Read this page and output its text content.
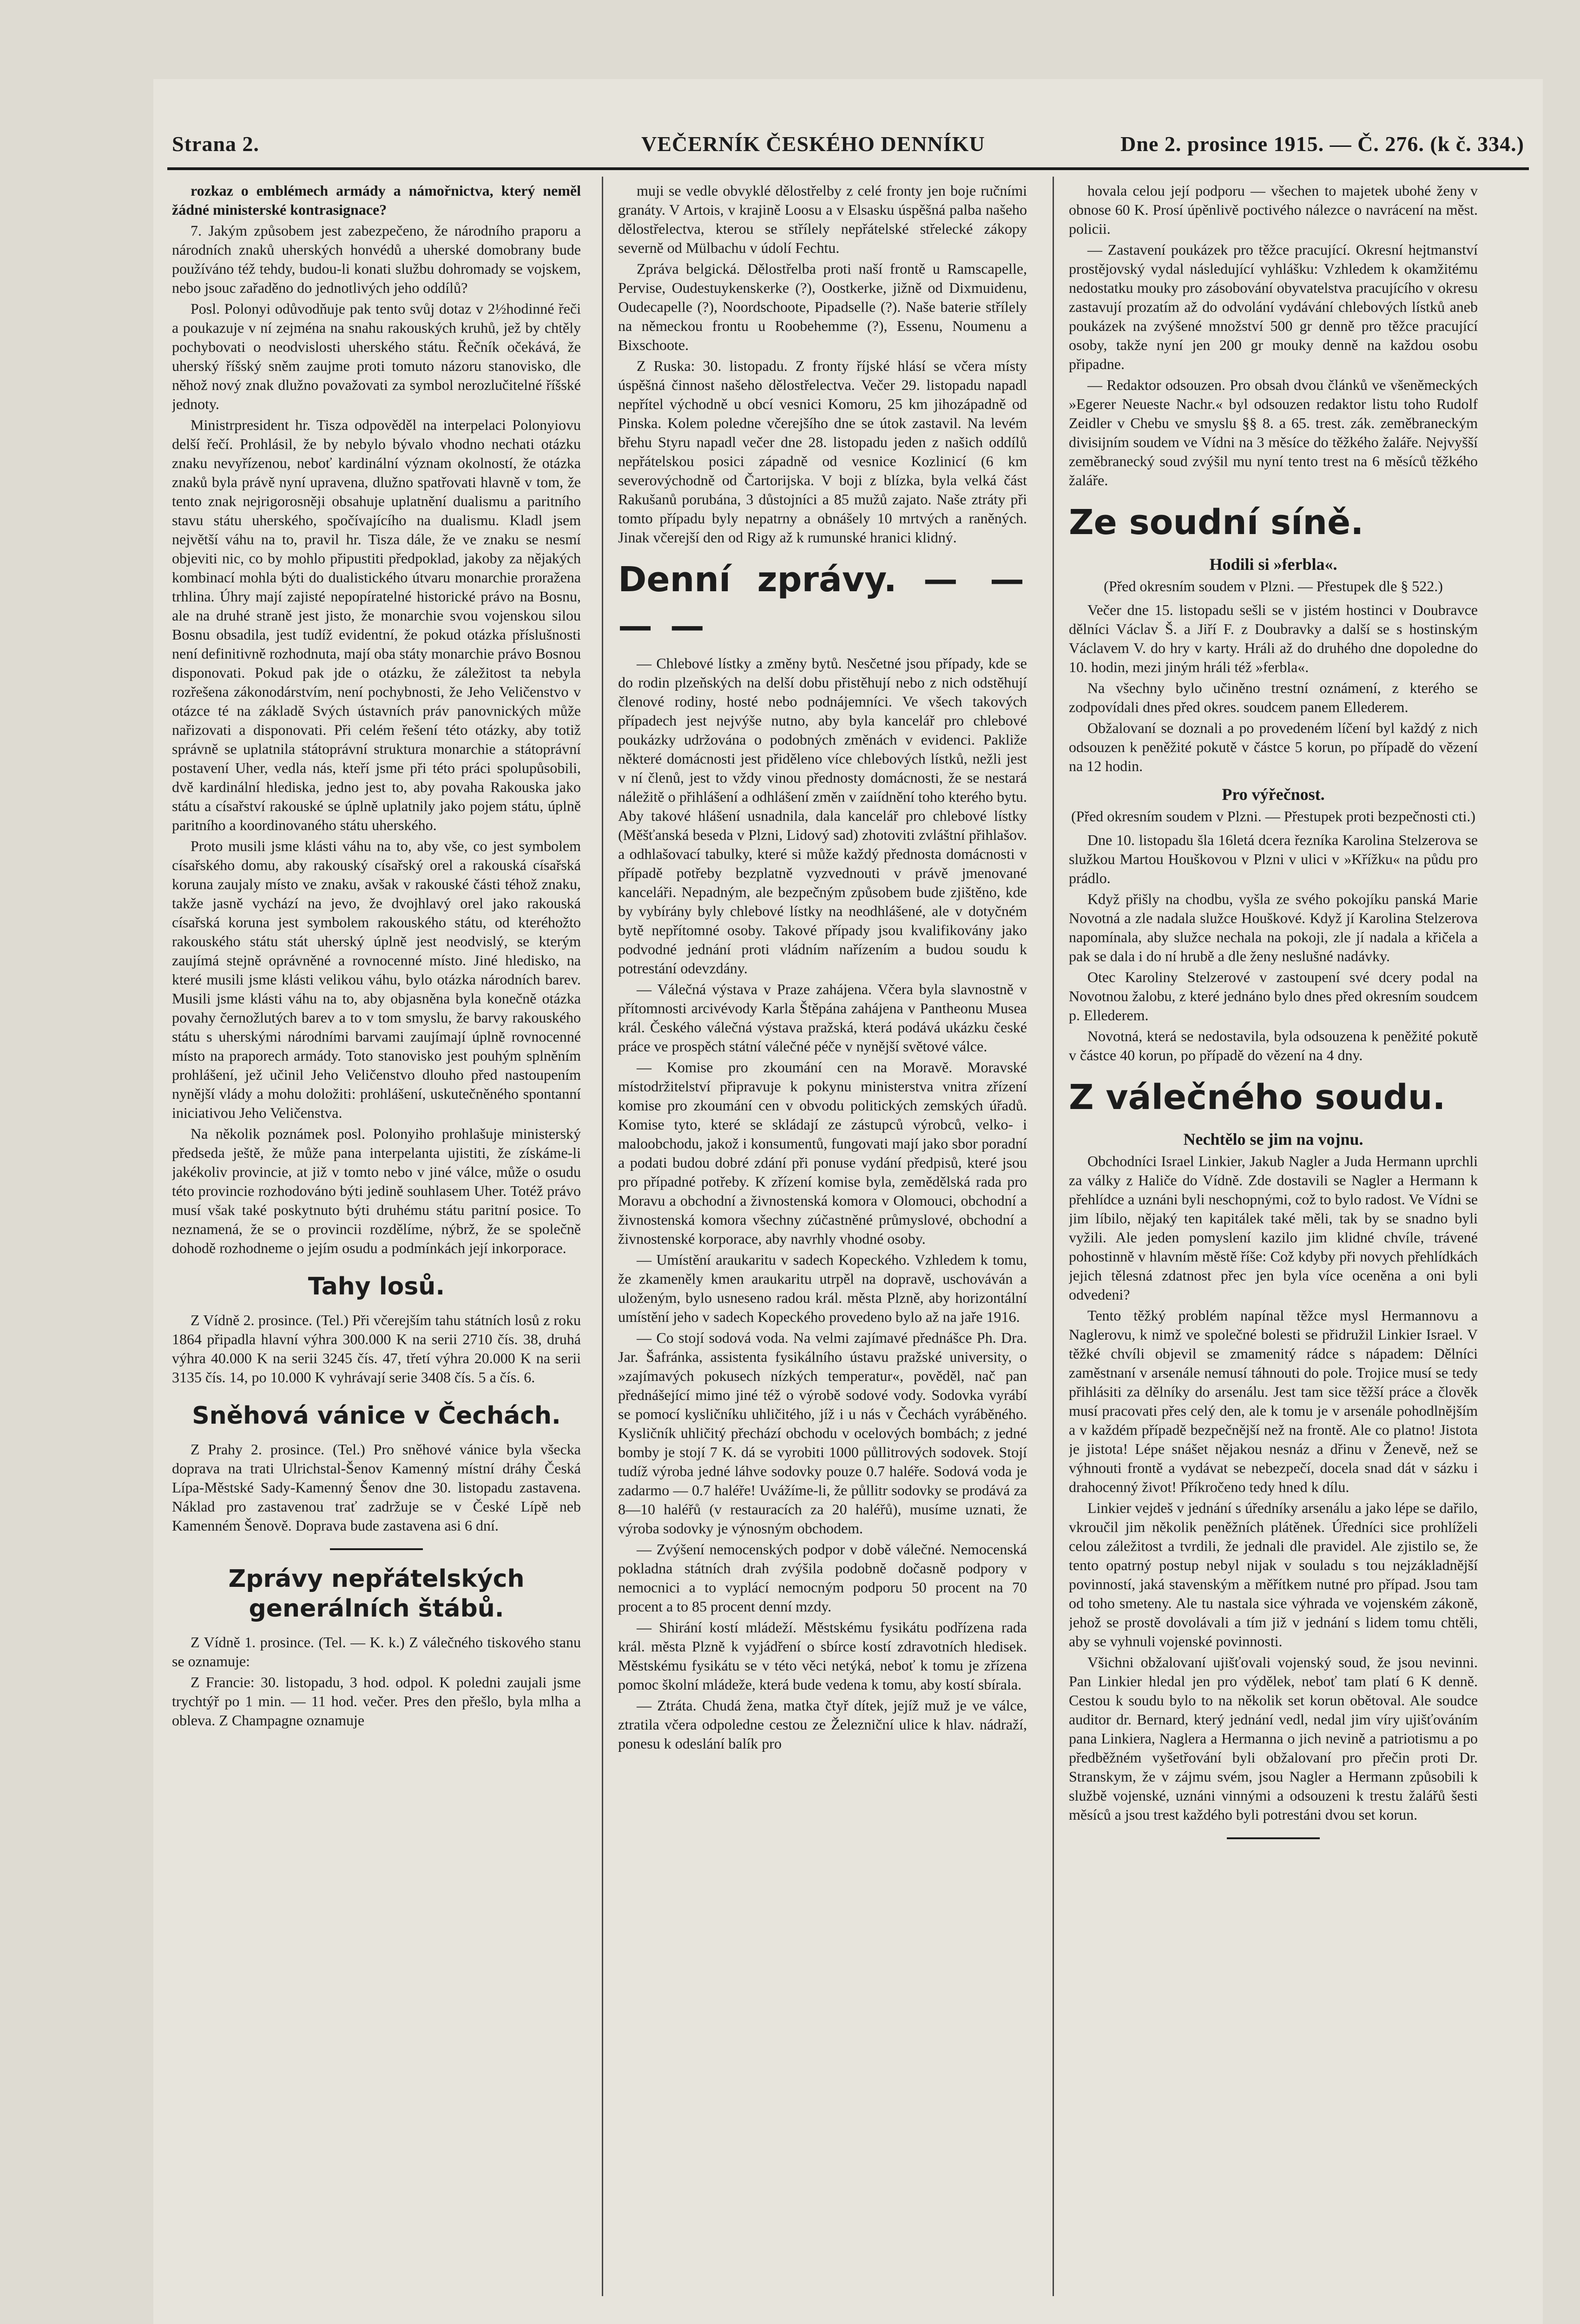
Strana 2.	VEČERNÍK ČESKÉHO DENNÍKU	Dne 2. prosince 1915. — Č. 276. (k č. 334.)

rozkaz o emblémech armády a námořnictva, který neměl žádné ministerské kontrasignace?

7. Jakým způsobem jest zabezpečeno, že národního praporu a národních znaků uherských honvédů a uherské domobrany bude používáno též tehdy, budou-li konati službu dohromady se vojskem, nebo jsouc zařaděno do jednotlivých jeho oddílů?

Posl. Polonyi odůvodňuje pak tento svůj dotaz v 2½hodinné řeči a poukazuje v ní zejména na snahu rakouských kruhů, jež by chtěly pochybovati o neodvislosti uherského státu. Řečník očekává, že uherský říšský sněm zaujme proti tomuto názoru stanovisko, dle něhož nový znak dlužno považovati za symbol nerozlučitelné říšské jednoty.

Ministrpresident hr. Tisza odpověděl na interpelaci Polonyiovu delší řečí. Prohlásil, že by nebylo bývalo vhodno nechati otázku znaku nevyřízenou, neboť kardinální význam okolností, že otázka znaků byla právě nyní upravena, dlužno spatřovati hlavně v tom, že tento znak nejrigorosněji obsahuje uplatnění dualismu a paritního stavu státu uherského, spočívajícího na dualismu. Kladl jsem největší váhu na to, pravil hr. Tisza dále, že ve znaku se nesmí objeviti nic, co by mohlo připustiti předpoklad, jakoby za nějakých kombinací mohla býti do dualistického útvaru monarchie proražena trhlina. Úhry mají zajisté nepopíratelné historické právo na Bosnu, ale na druhé straně jest jisto, že monarchie svou vojenskou silou Bosnu obsadila, jest tudíž evidentní, že pokud otázka příslušnosti není definitivně rozhodnuta, mají oba státy monarchie právo Bosnou disponovati. Pokud pak jde o otázku, že záležitost ta nebyla rozřešena zákonodárstvím, není pochybnosti, že Jeho Veličenstvo v otázce té na základě Svých ústavních práv panovnických může nařizovati a disponovati. Při celém řešení této otázky, aby totiž správně se uplatnila státoprávní struktura monarchie a státoprávní postavení Uher, vedla nás, kteří jsme při této práci spolupůsobili, dvě kardinální hlediska, jedno jest to, aby povaha Rakouska jako státu a císařství rakouské se úplně uplatnily jako pojem státu, úplně paritního a koordinovaného státu uherského.

Proto musili jsme klásti váhu na to, aby vše, co jest symbolem císařského domu, aby rakouský císařský orel a rakouská císařská koruna zaujaly místo ve znaku, avšak v rakouské části téhož znaku, takže jasně vychází na jevo, že dvojhlavý orel jako rakouská císařská koruna jest symbolem rakouského státu, od kteréhožto rakouského státu stát uherský úplně jest neodvislý, se kterým zaujímá stejně oprávněné a rovnocenné místo. Jiné hledisko, na které musili jsme klásti velikou váhu, bylo otázka národních barev. Musili jsme klásti váhu na to, aby objasněna byla konečně otázka povahy černožlutých barev a to v tom smyslu, že barvy rakouského státu s uherskými národními barvami zaujímají úplně rovnocenné místo na praporech armády. Toto stanovisko jest pouhým splněním prohlášení, jež učinil Jeho Veličenstvo dlouho před nastoupením nynější vlády a mohu doložiti: prohlášení, uskutečněného spontanní iniciativou Jeho Veličenstva.

Na několik poznámek posl. Polonyiho prohlašuje ministerský předseda ještě, že může pana interpelanta ujistiti, že získáme-li jakékoliv provincie, at již v tomto nebo v jiné válce, může o osudu této provincie rozhodováno býti jedině souhlasem Uher. Totéž právo musí však také poskytnuto býti druhému státu paritní posice. To neznamená, že se o provincii rozdělíme, nýbrž, že se společně dohodě rozhodneme o jejím osudu a podmínkách její inkorporace.

Tahy losů.

Z Vídně 2. prosince. (Tel.) Při včerejším tahu státních losů z roku 1864 připadla hlavní výhra 300.000 K na serii 2710 čís. 38, druhá výhra 40.000 K na serii 3245 čís. 47, třetí výhra 20.000 K na serii 3135 čís. 14, po 10.000 K vyhrávají serie 3408 čís. 5 a čís. 6.

Sněhová vánice v Čechách.

Z Prahy 2. prosince. (Tel.) Pro sněhové vánice byla všecka doprava na trati Ulrichstal-Šenov Kamenný místní dráhy Česká Lípa-Městské Sady-Kamenný Šenov dne 30. listopadu zastavena. Náklad pro zastavenou trať zadržuje se v České Lípě neb Kamenném Šenově. Doprava bude zastavena asi 6 dní.

Zprávy nepřátelských generálních štábů.

Z Vídně 1. prosince. (Tel. — K. k.) Z válečného tiskového stanu se oznamuje:

Z Francie: 30. listopadu, 3 hod. odpol. K poledni zaujali jsme trychtýř po 1 min. — 11 hod. večer. Pres den přešlo, byla mlha a obleva. Z Champagne oznamuje

muji se vedle obvyklé dělostřelby z celé fronty jen boje ručními granáty. V Artois, v krajině Loosu a v Elsasku úspěšná palba našeho dělostřelectva, kterou se střílely nepřátelské střelecké zákopy severně od Mülbachu v údolí Fechtu.

Zpráva belgická. Dělostřelba proti naší frontě u Ramscapelle, Pervise, Oudestuykenskerke (?), Oostkerke, jižně od Dixmuidenu, Oudecapelle (?), Noordschoote, Pipadselle (?). Naše baterie střílely na německou frontu u Roobehemme (?), Essenu, Noumenu a Bixschoote.

Z Ruska: 30. listopadu. Z fronty říjské hlásí se včera místy úspěšná činnost našeho dělostřelectva. Večer 29. listopadu napadl nepřítel východně u obcí vesnici Komoru, 25 km jihozápadně od Pinska. Kolem poledne včerejšího dne se útok zastavil. Na levém břehu Styru napadl večer dne 28. listopadu jeden z našich oddílů nepřátelskou posici západně od vesnice Kozlinicí (6 km severovýchodně od Čartorijska. V boji z blízka, byla velká část Rakušanů porubána, 3 důstojníci a 85 mužů zajato. Naše ztráty při tomto případu byly nepatrny a obnášely 10 mrtvých a raněných. Jinak včerejší den od Rigy až k rumunské hranici klidný.

Denní zprávy. — — — —

— Chlebové lístky a změny bytů. Nesčetné jsou případy, kde se do rodin plzeňských na delší dobu přistěhují nebo z nich odstěhují členové rodiny, hosté nebo podnájemníci. Ve všech takových případech jest nejvýše nutno, aby byla kancelář pro chlebové poukázky udržována o podobných změnách v evidenci. Pakliže některé domácnosti jest přiděleno více chlebových lístků, nežli jest v ní členů, jest to vždy vinou přednosty domácnosti, že se nestará náležitě o přihlášení a odhlášení změn v zaiídnění toho kterého bytu. Aby takové hlášení usnadnila, dala kancelář pro chlebové lístky (Měšťanská beseda v Plzni, Lidový sad) zhotoviti zvláštní přihlašov. a odhlašovací tabulky, které si může každý přednosta domácnosti v případě potřeby bezplatně vyzvednouti v právě jmenované kanceláři. Nepadným, ale bezpečným způsobem bude zjištěno, kde by vybírány byly chlebové lístky na neodhlášené, ale v dotyčném bytě nepřítomné osoby. Takové případy jsou kvalifikovány jako podvodné jednání proti vládním nařízením a budou soudu k potrestání odevzdány.

— Válečná výstava v Praze zahájena. Včera byla slavnostně v přítomnosti arcivévody Karla Štěpána zahájena v Pantheonu Musea král. Českého válečná výstava pražská, která podává ukázku české práce ve prospěch státní válečné péče v nynější světové válce.

— Komise pro zkoumání cen na Moravě. Moravské místodržitelství připravuje k pokynu ministerstva vnitra zřízení komise pro zkoumání cen v obvodu politických zemských úřadů. Komise tyto, které se skládají ze zástupců výrobců, velko- i maloobchodu, jakož i konsumentů, fungovati mají jako sbor poradní a podati budou dobré zdání při ponuse vydání předpisů, které jsou pro případné potřeby. K zřízení komise byla, zemědělská rada pro Moravu a obchodní a živnostenská komora v Olomouci, obchodní a živnostenská komora všechny zúčastněné průmyslové, obchodní a živnostenské korporace, aby navrhly vhodné osoby.

— Umístění araukaritu v sadech Kopeckého. Vzhledem k tomu, že zkameněly kmen araukaritu utrpěl na dopravě, uschováván a uloženým, bylo usneseno radou král. města Plzně, aby horizontální umístění jeho v sadech Kopeckého provedeno bylo až na jaře 1916.

— Co stojí sodová voda. Na velmi zajímavé přednášce Ph. Dra. Jar. Šafránka, assistenta fysikálního ústavu pražské university, o »zajímavých pokusech nízkých temperatur«, pověděl, nač pan přednášející mimo jiné též o výrobě sodové vody. Sodovka vyrábí se pomocí kysličníku uhličitého, jíž i u nás v Čechách vyráběného. Kysličník uhličitý přechází obchodu v ocelových bombách; z jedné bomby je stojí 7 K. dá se vyrobiti 1000 půllitrových sodovek. Stojí tudíž výroba jedné láhve sodovky pouze 0.7 haléře. Sodová voda je zadarmo — 0.7 haléře! Uvážíme-li, že půllitr sodovky se prodává za 8—10 haléřů (v restauracích za 20 haléřů), musíme uznati, že výroba sodovky je výnosným obchodem.

— Zvýšení nemocenských podpor v době válečné. Nemocenská pokladna státních drah zvýšila podobně dočasně podpory v nemocnici a to vyplácí nemocným podporu 50 procent na 70 procent a to 85 procent denní mzdy.

— Shirání kostí mládeží. Městskému fysikátu podřízena rada král. města Plzně k vyjádření o sbírce kostí zdravotních hledisek. Městskému fysikátu se v této věci netýká, neboť k tomu je zřízena pomoc školní mládeže, která bude vedena k tomu, aby kostí sbírala.

— Ztráta. Chudá žena, matka čtyř dítek, jejíž muž je ve válce, ztratila včera odpoledne cestou ze Železniční ulice k hlav. nádraží, ponesu k odeslání balík pro

hovala celou její podporu — všechen to majetek ubohé ženy v obnose 60 K. Prosí úpěnlivě poctivého nálezce o navrácení na měst. policii.

— Zastavení poukázek pro těžce pracující. Okresní hejtmanství prostějovský vydal následující vyhlášku: Vzhledem k okamžitému nedostatku mouky pro zásobování obyvatelstva pracujícího v okresu zastavují prozatím až do odvolání vydávání chlebových lístků aneb poukázek na zvýšené množství 500 gr denně pro těžce pracující osoby, takže nyní jen 200 gr mouky denně na každou osobu připadne.

— Redaktor odsouzen. Pro obsah dvou článků ve všeněmeckých »Egerer Neueste Nachr.« byl odsouzen redaktor listu toho Rudolf Zeidler v Chebu ve smyslu §§ 8. a 65. trest. zák. zeměbraneckým divisijním soudem ve Vídni na 3 měsíce do těžkého žaláře. Nejvyšší zeměbranecký soud zvýšil mu nyní tento trest na 6 měsíců těžkého žaláře.

Ze soudní síně.
Hodili si »ferbla«.
(Před okresním soudem v Plzni. — Přestupek dle § 522.)

Večer dne 15. listopadu sešli se v jistém hostinci v Doubravce dělníci Václav Š. a Jiří F. z Doubravky a další se s hostinským Václavem V. do hry v karty. Hráli až do druhého dne dopoledne do 10. hodin, mezi jiným hráli též »ferbla«.

Na všechny bylo učiněno trestní oznámení, z kterého se zodpovídali dnes před okres. soudcem panem Ellederem.

Obžalovaní se doznali a po provedeném líčení byl každý z nich odsouzen k peněžité pokutě v částce 5 korun, po případě do vězení na 12 hodin.

Pro výřečnost.
(Před okresním soudem v Plzni. — Přestupek proti bezpečnosti cti.)

Dne 10. listopadu šla 16letá dcera řezníka Karolina Stelzerova se služkou Martou Houškovou v Plzni v ulici v »Křížku« na půdu pro prádlo.

Když přišly na chodbu, vyšla ze svého pokojíku panská Marie Novotná a zle nadala služce Houškové. Když jí Karolina Stelzerova napomínala, aby služce nechala na pokoji, zle jí nadala a křičela a pak se dala i do ní hrubě a dle ženy neslušné nadávky.

Otec Karoliny Stelzerové v zastoupení své dcery podal na Novotnou žalobu, z které jednáno bylo dnes před okresním soudcem p. Ellederem.

Novotná, která se nedostavila, byla odsouzena k peněžité pokutě v částce 40 korun, po případě do vězení na 4 dny.

Z válečného soudu.
Nechtělo se jim na vojnu.

Obchodníci Israel Linkier, Jakub Nagler a Juda Hermann uprchli za války z Haliče do Vídně. Zde dostavili se Nagler a Hermann k přehlídce a uznáni byli neschopnými, což to bylo radost. Ve Vídni se jim líbilo, nějaký ten kapitálek také měli, tak by se snadno byli vyžili. Ale jeden pomyslení kazilo jim klidné chvíle, trávené pohostinně v hlavním městě říše: Což kdyby při novych přehlídkách jejich tělesná zdatnost přec jen byla více oceněna a oni byli odvedeni?

Tento těžký problém napínal těžce mysl Hermannovu a Naglerovu, k nimž ve společné bolesti se přidružil Linkier Israel. V těžké chvíli objevil se zmamenitý rádce s nápadem: Dělníci zaměstnaní v arsenále nemusí táhnouti do pole. Trojice musí se tedy přihlásiti za dělníky do arsenálu. Jest tam sice těžší práce a člověk musí pracovati přes celý den, ale k tomu je v arsenále pohodlnějším a v každém případě bezpečnější než na frontě. Ale co platno! Jistota je jistota! Lépe snášet nějakou nesnáz a dřinu v Ženevě, než se výhnouti frontě a vydávat se nebezpečí, docela snad dát v sázku i drahocenný život! Příkročeno tedy hned k dílu.

Linkier vejdeš v jednání s úředníky arsenálu a jako lépe se dařilo, vkroučil jim několik peněžních plátěnek. Úředníci sice prohlíželi celou záležitost a tvrdili, že jednali dle pravidel. Ale zjistilo se, že tento opatrný postup nebyl nijak v souladu s tou nejzákladnější povinností, jaká stavenským a měřítkem nutné pro případ. Jsou tam od toho smeteny. Ale tu nastala sice výhrada ve vojenském zákoně, jehož se prostě dovolávali a tím již v jednání s lidem tomu chtěli, aby se vyhnuli vojenské povinnosti.

Všichni obžalovaní ujišťovali vojenský soud, že jsou nevinni. Pan Linkier hledal jen pro výdělek, neboť tam platí 6 K denně. Cestou k soudu bylo to na několik set korun obětoval. Ale soudce auditor dr. Bernard, který jednání vedl, nedal jim víry ujišťováním pana Linkiera, Naglera a Hermanna o jich nevině a patriotismu a po předběžném vyšetřování byli obžalovaní pro přečin proti Dr. Stranskym, že v zájmu svém, jsou Nagler a Hermann způsobili k službě vojenské, uznáni vinnými a odsouzeni k trestu žalářů šesti měsíců a jsou trest každého byli potrestáni dvou set korun.
